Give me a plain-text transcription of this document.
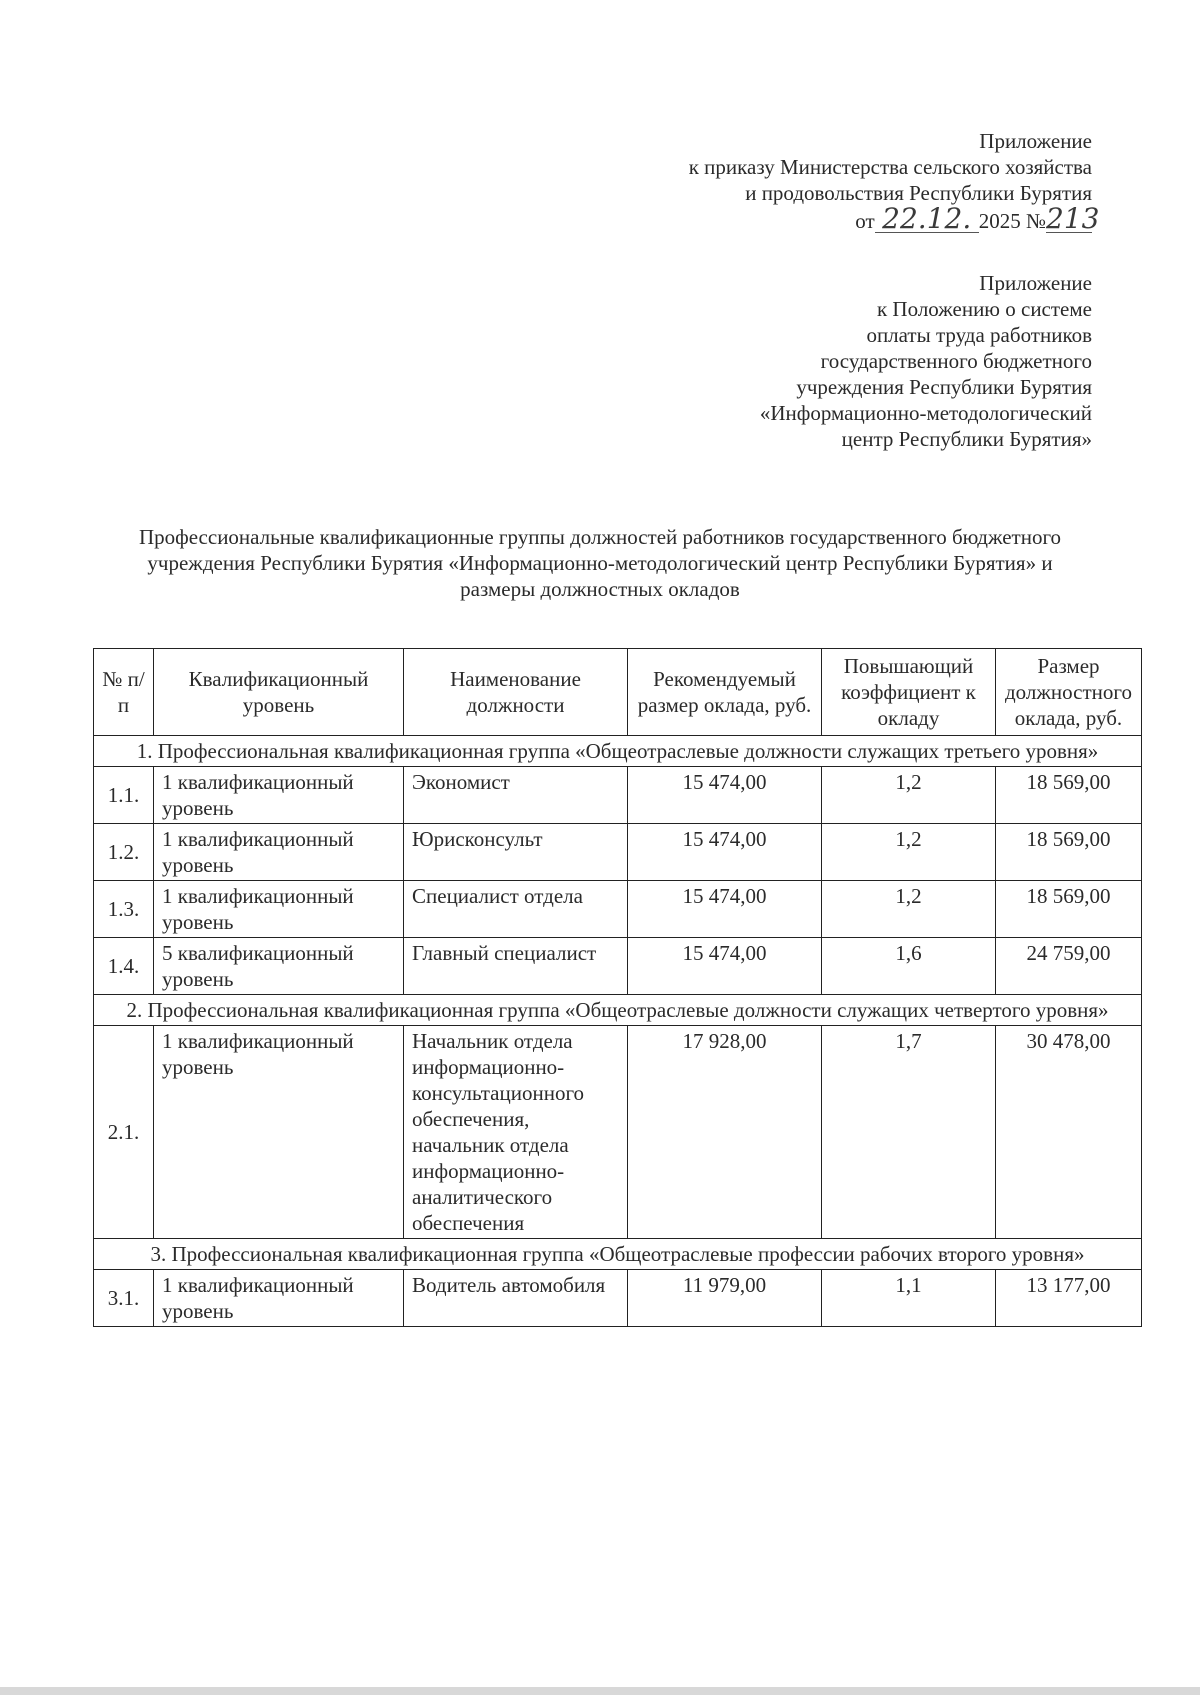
Приложение
к приказу Министерства сельского хозяйства
и продовольствия Республики Бурятия
от 22.12. 2025 № 213
Приложение
к Положению о системе
оплаты труда работников
государственного бюджетного
учреждения Республики Бурятия
«Информационно-методологический
центр Республики Бурятия»
Профессиональные квалификационные группы должностей работников государственного бюджетного учреждения Республики Бурятия «Информационно-методологический центр Республики Бурятия» и размеры должностных окладов
№ п/п	Квалификационный уровень	Наименование должности	Рекомендуемый размер оклада, руб.	Повышающий коэффициент к окладу	Размер должностного оклада, руб.
1. Профессиональная квалификационная группа «Общеотраслевые должности служащих третьего уровня»					
1.1.	1 квалификационный уровень	Экономист	15 474,00	1,2	18 569,00
1.2.	1 квалификационный уровень	Юрисконсульт	15 474,00	1,2	18 569,00
1.3.	1 квалификационный уровень	Специалист отдела	15 474,00	1,2	18 569,00
1.4.	5 квалификационный уровень	Главный специалист	15 474,00	1,6	24 759,00
2. Профессиональная квалификационная группа «Общеотраслевые должности служащих четвертого уровня»					
2.1.	1 квалификационный уровень	Начальник отдела информационно-консультационного обеспечения, начальник отдела информационно-аналитического обеспечения	17 928,00	1,7	30 478,00
3. Профессиональная квалификационная группа «Общеотраслевые профессии рабочих второго уровня»					
3.1.	1 квалификационный уровень	Водитель автомобиля	11 979,00	1,1	13 177,00
